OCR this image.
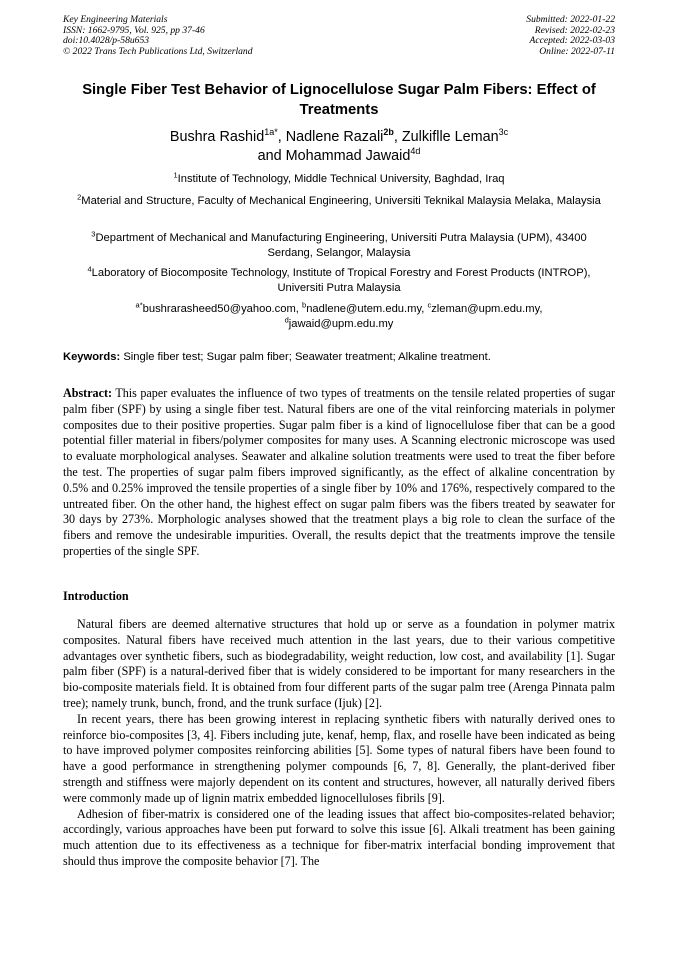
Key Engineering Materials
ISSN: 1662-9795, Vol. 925, pp 37-46
doi:10.4028/p-58u653
© 2022 Trans Tech Publications Ltd, Switzerland
Submitted: 2022-01-22
Revised: 2022-02-23
Accepted: 2022-03-03
Online: 2022-07-11
Single Fiber Test Behavior of Lignocellulose Sugar Palm Fibers: Effect of Treatments
Bushra Rashid$^{1a*}$, Nadlene Razali$^{2b}$, Zulkiflle Leman$^{3c}$
and Mohammad Jawaid$^{4d}$
$^1$Institute of Technology, Middle Technical University, Baghdad, Iraq
$^2$Material and Structure, Faculty of Mechanical Engineering, Universiti Teknikal Malaysia Melaka, Malaysia
$^3$Department of Mechanical and Manufacturing Engineering, Universiti Putra Malaysia (UPM), 43400 Serdang, Selangor, Malaysia
$^4$Laboratory of Biocomposite Technology, Institute of Tropical Forestry and Forest Products (INTROP), Universiti Putra Malaysia
$^{a*}$bushrarasheed50@yahoo.com, $^b$nadlene@utem.edu.my, $^c$zleman@upm.edu.my,
$^d$jawaid@upm.edu.my
Keywords: Single fiber test; Sugar palm fiber; Seawater treatment; Alkaline treatment.
Abstract: This paper evaluates the influence of two types of treatments on the tensile related properties of sugar palm fiber (SPF) by using a single fiber test. Natural fibers are one of the vital reinforcing materials in polymer composites due to their positive properties. Sugar palm fiber is a kind of lignocellulose fiber that can be a good potential filler material in fibers/polymer composites for many uses. A Scanning electronic microscope was used to evaluate morphological analyses. Seawater and alkaline solution treatments were used to treat the fiber before the test. The properties of sugar palm fibers improved significantly, as the effect of alkaline concentration by 0.5% and 0.25% improved the tensile properties of a single fiber by 10% and 176%, respectively compared to the untreated fiber. On the other hand, the highest effect on sugar palm fibers was the fibers treated by seawater for 30 days by 273%. Morphologic analyses showed that the treatment plays a big role to clean the surface of the fibers and remove the undesirable impurities. Overall, the results depict that the treatments improve the tensile properties of the single SPF.
Introduction

Natural fibers are deemed alternative structures that hold up or serve as a foundation in polymer matrix composites. Natural fibers have received much attention in the last years, due to their various competitive advantages over synthetic fibers, such as biodegradability, weight reduction, low cost, and availability [1]. Sugar palm fiber (SPF) is a natural-derived fiber that is widely considered to be important for many researchers in the bio-composite materials field. It is obtained from four different parts of the sugar palm tree (Arenga Pinnata palm tree); namely trunk, bunch, frond, and the trunk surface (Ijuk) [2].

In recent years, there has been growing interest in replacing synthetic fibers with naturally derived ones to reinforce bio-composites [3, 4]. Fibers including jute, kenaf, hemp, flax, and roselle have been indicated as being to have improved polymer composites reinforcing abilities [5]. Some types of natural fibers have been found to have a good performance in strengthening polymer compounds [6, 7, 8]. Generally, the plant-derived fiber strength and stiffness were majorly dependent on its content and structures, however, all naturally derived fibers were commonly made up of lignin matrix embedded lignocelluloses fibrils [9].

Adhesion of fiber-matrix is considered one of the leading issues that affect bio-composites-related behavior; accordingly, various approaches have been put forward to solve this issue [6]. Alkali treatment has been gaining much attention due to its effectiveness as a technique for fiber-matrix interfacial bonding improvement that should thus improve the composite behavior [7]. The
